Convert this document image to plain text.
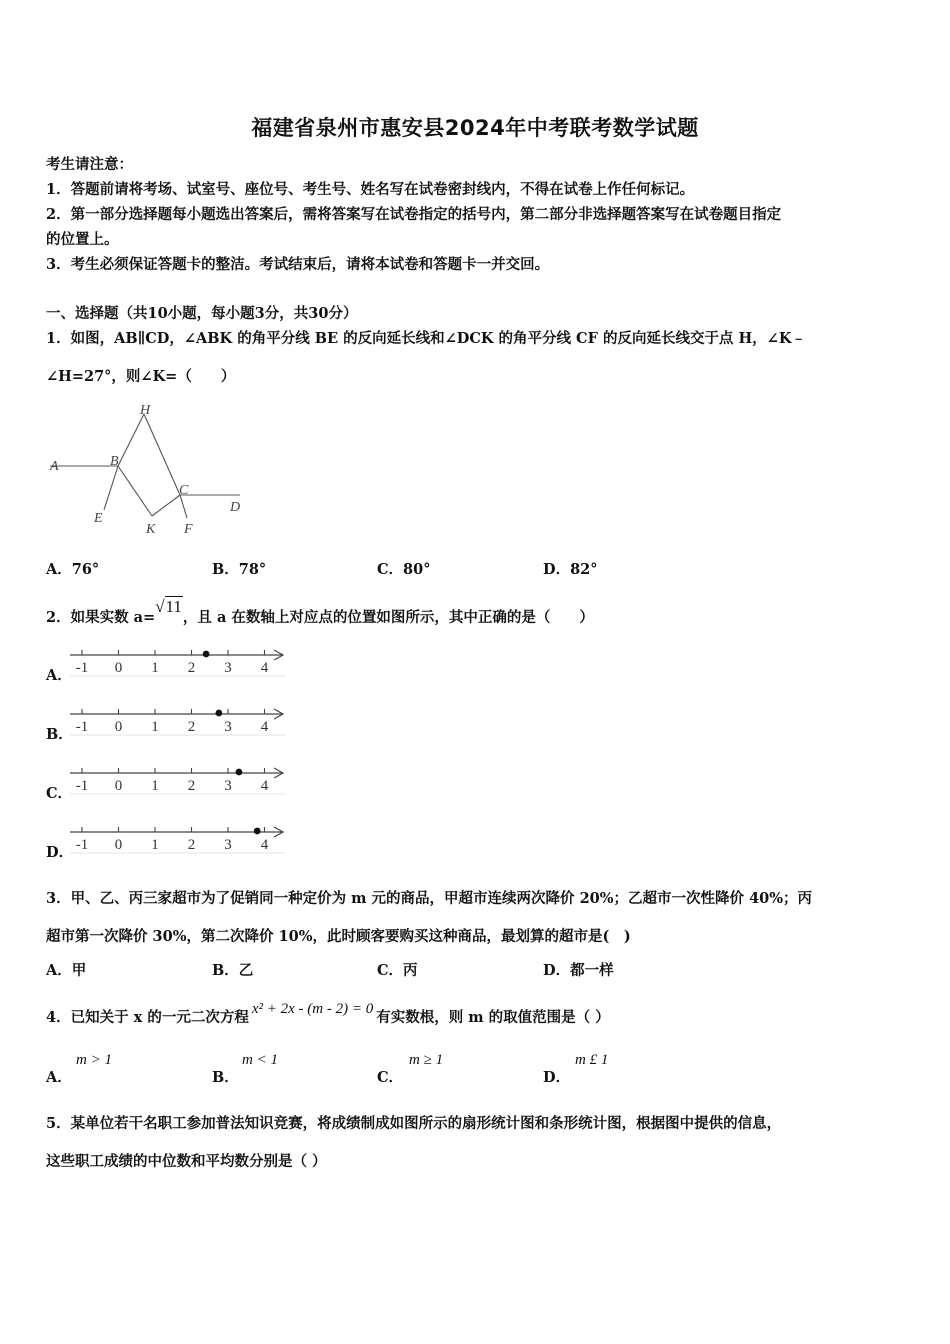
福建省泉州市惠安县2024年中考联考数学试题
考生请注意：
1．答题前请将考场、试室号、座位号、考生号、姓名写在试卷密封线内，不得在试卷上作任何标记。
2．第一部分选择题每小题选出答案后，需将答案写在试卷指定的括号内，第二部分非选择题答案写在试卷题目指定
的位置上。
3．考生必须保证答题卡的整洁。考试结束后，请将本试卷和答题卡一并交回。
一、选择题（共10小题，每小题3分，共30分）
1．如图，AB∥CD，∠ABK 的角平分线 BE 的反向延长线和∠DCK 的角平分线 CF 的反向延长线交于点 H，∠K﹣
∠H=27°，则∠K=（　　）
A	B
C
D
E
F
H
K
A．76°	B．78°	C．80°	D．82°
2．如果实数 a=√11，且 a 在数轴上对应点的位置如图所示，其中正确的是（　　）
A．
B．
C．
D．
-1 0 1 2 3 4
-1 0 1 2 3 4
-1 0 1 2 3 4
-1 0 1 2 3 4
3．甲、乙、丙三家超市为了促销同一种定价为 m 元的商品，甲超市连续两次降价 20%；乙超市一次性降价 40%；丙
超市第一次降价 30%，第二次降价 10%，此时顾客要购买这种商品，最划算的超市是(　)
A．甲	B．乙	C．丙	D．都一样
4．已知关于 x 的一元二次方程 x² + 2x - (m - 2) = 0 有实数根，则 m 的取值范围是（ ）
A．
m > 1
B．
m < 1
C．
m ≥ 1
D．
m £ 1
5．某单位若干名职工参加普法知识竞赛，将成绩制成如图所示的扇形统计图和条形统计图，根据图中提供的信息，
这些职工成绩的中位数和平均数分别是（ ）
